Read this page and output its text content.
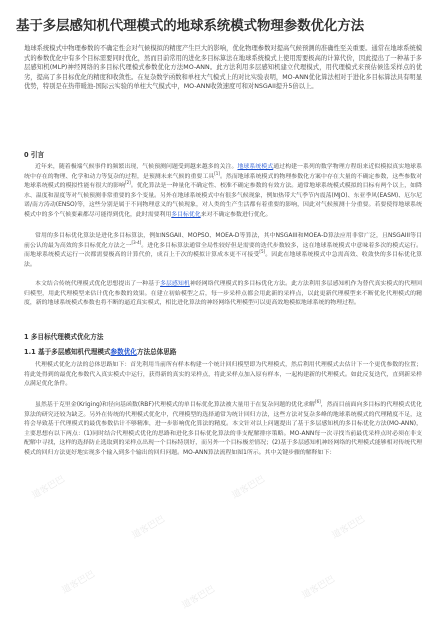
基于多层感知机代理模式的地球系统模式物理参数优化方法
地球系统模式中物理参数的不确定性会对气候模拟的精度产生巨大的影响，优化物理参数对提高气候预测的准确性至关重要。通常在地球系统模式的参数优化中有多个目标需要同时优化，然而目前常用的进化多目标算法在地球系统模式上使用需要极高的计算代价，因此提出了一种基于多层感知机(MLP)神经网络的多目标代理模式参数优化方法MO-ANN。此方法利用多层感知机建立代理模式，用代理模式来预估候选采样点的优劣，提高了多目标优化的精度和收敛性。在复杂数学函数和单柱大气模式上的对比实验表明，MO-ANN优化算法相对于进化多目标算法具有明显优势，特别是在热带暖池-国际云实验的单柱大气模式中，MO-ANN收敛速度可和对NSGAII提升5倍以上。
0 引言
近年来，随着极端气候事件的频繁出现，气候预测问题受到越来越多的关注。地球系统模式通过构建一系列的数学物理方程组来近似模拟真实地球系统中存在的物理、化学和动力等复杂的过程，是预测未来气候的重要工具[1]。然而地球系统模式的物理参数化方案中存在大量的不确定参数，这些参数对地球系统模式的模拟性能有很大的影响[2]。优化算法是一种量化不确定性、校准不确定参数的有效方法。通常地球系统模式模拟的目标有两个以上，如降水、温度和湿度等对气候预测非常重要的多个变量。另外在地球系统模式中有很多气候现象，例如热带大气季节内震荡(MJO)、东亚季风(EASM)、厄尔尼诺/南方涛动(ENSO)等，这些分别是属于不同物理意义的气候现象，对人类的生产生活都有着重要的影响，因此对气候预测十分重要。若要使得地球系统模式中的多个气候要素都尽可能得到优化，此时需要利用多目标优化来对不确定参数进行优化。
常用的多目标优化算法是进化多目标算法，例如NSGAII、MOPSO、MOEA-D等算法，其中NSGAIII和MOEA-D算法应用非常广泛，且NSGAIII等目前公认的最为高效的多目标优化方法之一[3-4]。进化多目标算法通常全局性较好但是需要的迭代步数较多，这在地球系统模式中意味着多次的模式运行。而地球系统模式运行一次都需要极高的计算代价，成百上千次的模拟计算成本更不可接受[5]。因此在地球系统模式中急需高效、收敛快的多目标优化算法。
本文结合传统代理模式优化思想提出了一种基于多层感知机神经网络代理模式的多目标优化方法。此方法利用多层感知机作为替代真实模式的代理回归模型，用此代理模型来估计优化参数的效果。在建立初始模型之后，每一步采样点都会用此新的采样点，以此更新代理模型来不断优化代理模式的精度，新的地球系统模式参数也将不断的逼近真实模式，相比进化算法的神经网络代理模型可以更高效地模拟地球系统的物理过程。
1 多目标代理模式优化方法
1.1 基于多层感知机代理模式参数优化方法总体思路
代理模式优化方法的总体思路如下：首先利用当前所有样本构建一个统计回归模型即为代理模式，然后利用代理模式去估计下一个更优参数的位置；将此处得到的最优化参数代入真实模式中运行，获得新的真实的采样点，将此采样点加入原有样本，一起构建新的代理模式。如此反复迭代，直到新采样点满足优化条件。
虽然基于克里金(Kriging)和径向基函数(RBF)代理模式的单目标优化算法被大量用于在复杂问题的优化求解[6]，然而目前面向多目标的代理模式优化算法的研究还较为缺乏。另外在传统的代理模式优化中，代理模型的选择通常为统计回归方法，这些方法对复杂多峰的地球系统模式的代理精度不足，这将会导致基于代理模式的最优参数估计不够精准，进一步影响优化算法的精度。本文针对以上问题提出了基于多层感知机的多目标优化方法(MO-ANN)，主要思想有以下两点：(1)同时结合代理模式优化的思路和进化多目标优化算法的非支配解排序策略。MO-ANN每一次寻找当前最优采样点时必须在非支配解中寻找，这样的选择防止选取到的采样点出现一个目标特别好，而另外一个目标极差情况；(2)基于多层感知机神经网络的代理模式能够相对传统代理模式的回归方法更好地实现多个输入到多个输出的回归问题。MO-ANN算法流程如图1所示。其中关键步骤的解释如下：
道客巴巴
道客巴巴
道客巴巴
道客巴巴
道客巴巴
道客巴巴	道客巴巴
